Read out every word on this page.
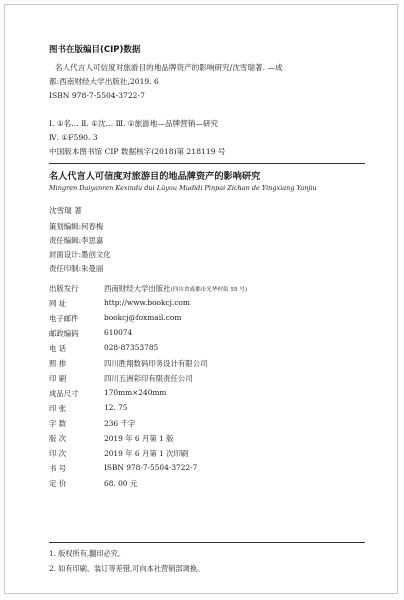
图书在版编目(CIP)数据
名人代言人可信度对旅游目的地品牌资产的影响研究/沈雪瑞著. —成
都:西南财经大学出版社,2019. 6
ISBN 978-7-5504-3722-7
Ⅰ. ①名… Ⅱ. ①沈… Ⅲ. ①旅游地—品牌营销—研究
Ⅳ. ①F590. 3
中国版本图书馆 CIP 数据核字(2018)第 218119 号
名人代言人可信度对旅游目的地品牌资产的影响研究
Mingren Daiyanren Kexindu dui Lüyou Mudidi Pinpai Zichan de Yingxiang Yanjiu
沈雪瑞 著
策划编辑:何春梅
责任编辑:李思嘉
封面设计:墨创文化
责任印制:朱曼丽
出版发行	西南财经大学出版社(四川省成都市光华村街 55 号)
网 址	http://www.bookcj.com
电子邮件	bookcj@foxmail.com
邮政编码	610074
电 话	028-87353785
照 排	四川胜翔数码印务设计有限公司
印 刷	四川五洲彩印有限责任公司
成品尺寸	170mm×240mm
印 张	12. 75
字 数	236 千字
版 次	2019 年 6 月第 1 版
印 次	2019 年 6 月第 1 次印刷
书 号	ISBN 978-7-5504-3722-7
定 价	68. 00 元
1. 版权所有,翻印必究。
2. 如有印刷、装订等差错,可向本社营销部调换。
